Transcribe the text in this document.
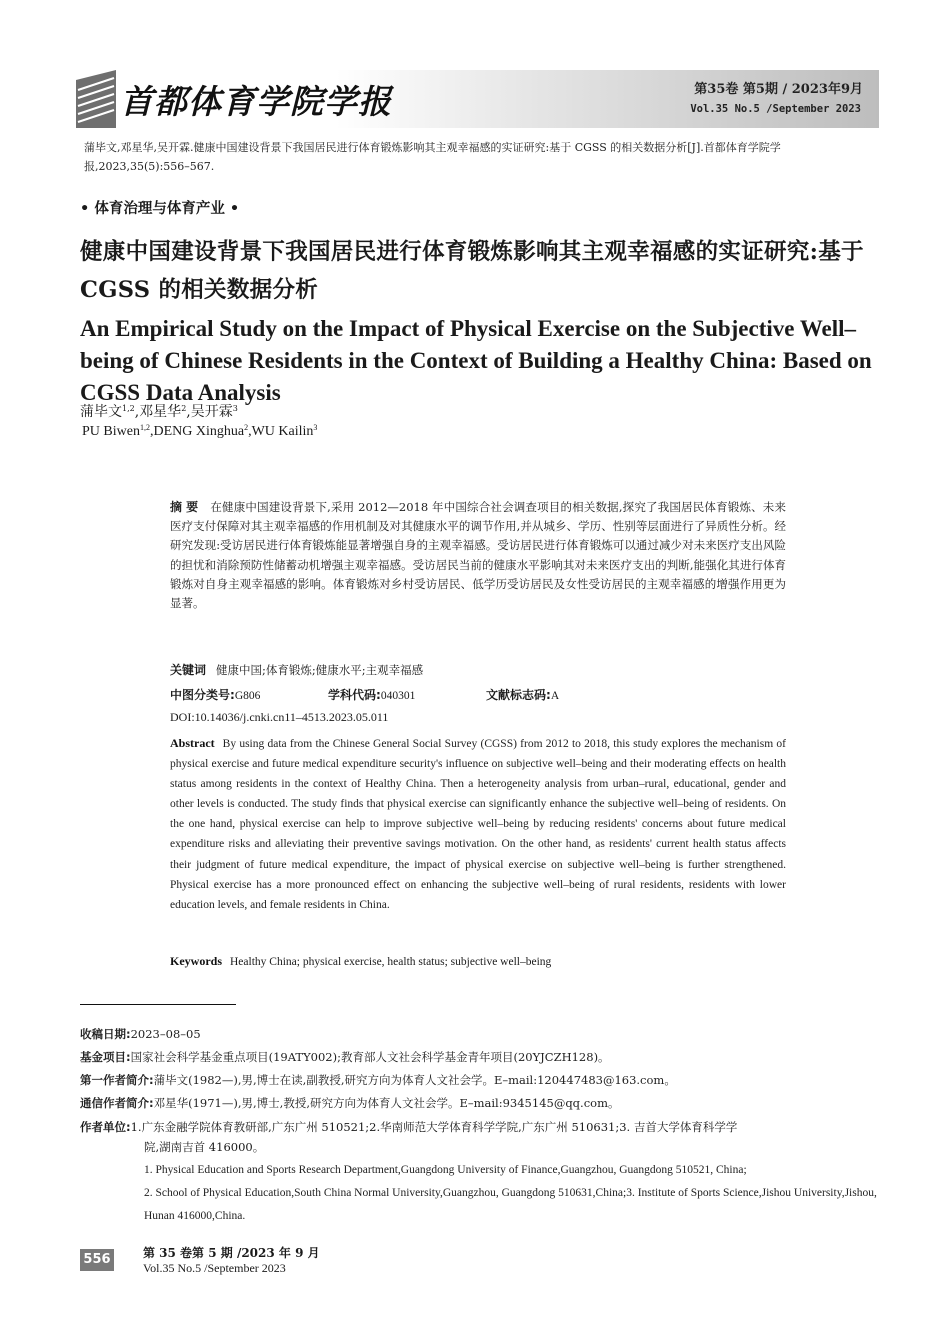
首都体育学院学报	第35卷 第5期 / 2023年9月
Vol.35 No.5 /September 2023
蒲毕文,邓星华,吴开霖.健康中国建设背景下我国居民进行体育锻炼影响其主观幸福感的实证研究:基于 CGSS 的相关数据分析[J].首都体育学院学报,2023,35(5):556–567.
• 体育治理与体育产业 •
健康中国建设背景下我国居民进行体育锻炼影响其主观幸福感的实证研究:基于 CGSS 的相关数据分析
An Empirical Study on the Impact of Physical Exercise on the Subjective Well–being of Chinese Residents in the Context of Building a Healthy China: Based on CGSS Data Analysis
蒲毕文$^{1,2}$,邓星华$^2$,吴开霖$^3$
PU Biwen$^{1,2}$,DENG Xinghua$^2$,WU Kailin$^3$
摘要 在健康中国建设背景下,采用 2012—2018 年中国综合社会调查项目的相关数据,探究了我国居民体育锻炼、未来医疗支付保障对其主观幸福感的作用机制及对其健康水平的调节作用,并从城乡、学历、性别等层面进行了异质性分析。经研究发现:受访居民进行体育锻炼能显著增强自身的主观幸福感。受访居民进行体育锻炼可以通过减少对未来医疗支出风险的担忧和消除预防性储蓄动机增强主观幸福感。受访居民当前的健康水平影响其对未来医疗支出的判断,能强化其进行体育锻炼对自身主观幸福感的影响。体育锻炼对乡村受访居民、低学历受访居民及女性受访居民的主观幸福感的增强作用更为显著。
关键词 健康中国;体育锻炼;健康水平;主观幸福感
中图分类号:G806	学科代码:040301	文献标志码:A
DOI:10.14036/j.cnki.cn11–4513.2023.05.011
Abstract By using data from the Chinese General Social Survey (CGSS) from 2012 to 2018, this study explores the mechanism of physical exercise and future medical expenditure security's influence on subjective well–being and their moderating effects on health status among residents in the context of Healthy China. Then a heterogeneity analysis from urban–rural, educational, gender and other levels is conducted. The study finds that physical exercise can significantly enhance the subjective well–being of residents. On the one hand, physical exercise can help to improve subjective well–being by reducing residents' concerns about future medical expenditure risks and alleviating their preventive savings motivation. On the other hand, as residents' current health status affects their judgment of future medical expenditure, the impact of physical exercise on subjective well–being is further strengthened. Physical exercise has a more pronounced effect on enhancing the subjective well–being of rural residents, residents with lower education levels, and female residents in China.
Keywords Healthy China; physical exercise, health status; subjective well–being
收稿日期:2023–08–05
基金项目:国家社会科学基金重点项目(19ATY002);教育部人文社会科学基金青年项目(20YJCZH128)。
第一作者简介:蒲毕文(1982—),男,博士在读,副教授,研究方向为体育人文社会学。E–mail:120447483@163.com。
通信作者简介:邓星华(1971—),男,博士,教授,研究方向为体育人文社会学。E–mail:9345145@qq.com。
作者单位:1.广东金融学院体育教研部,广东广州 510521;2.华南师范大学体育科学学院,广东广州 510631;3. 吉首大学体育科学学
院,湖南吉首 416000。
1. Physical Education and Sports Research Department,Guangdong University of Finance,Guangzhou, Guangdong 510521, China;
2. School of Physical Education,South China Normal University,Guangzhou, Guangdong 510631,China;3. Institute of Sports Science,Jishou University,Jishou, Hunan 416000,China.
556	第 35 卷第 5 期 /2023 年 9 月
Vol.35 No.5 /September 2023
